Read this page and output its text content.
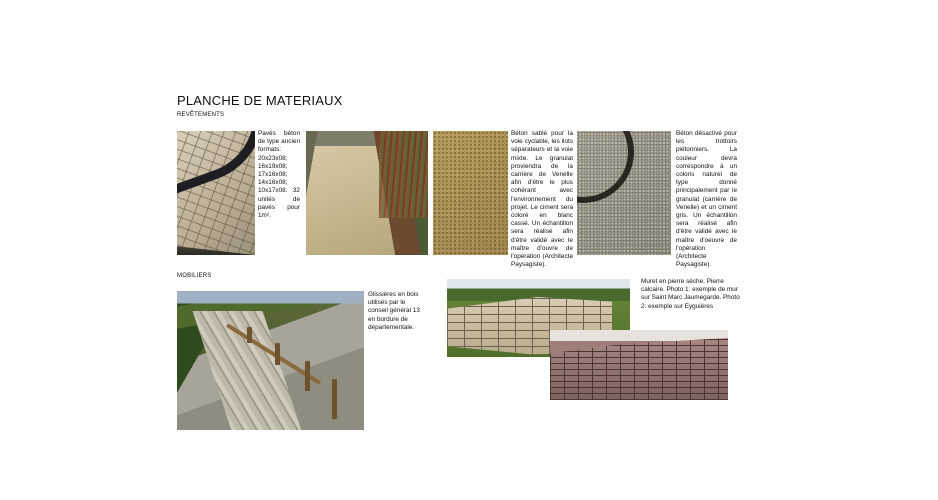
PLANCHE DE MATERIAUX
REVÊTEMENTS
Pavés béton de type ancien formats: 20x23x08; 16x19x08; 17x16x08; 14x16x08; 10x17x08. 32 unités de pavés pour 1m².
Béton sablé pour la voie cyclable, les ilots séparateurs et la voie mixte. Le granulat proviendra de la carrière de Venelle afin d'être le plus cohérant avec l'environnement du projet. Le ciment sera coloré en blanc cassé. Un échantillon sera réalisé afin d'être validé avec le maître d'ouvre de l'opération (Architecte Paysagiste).
Béton désactivé pour les trottoirs piétonniers. La couleur devra correspondre à un coloris naturel de type donné principalement par le granulat (carrière de Venelle) et un ciment gris. Un échantillon sera réalisé afin d'être validé avec le maître d'oeuvre de l'opération (Architecte Paysagiste).
MOBILIERS
Glissières en bois utilisés par le conseil général 13 en bordure de départementale.
Muret en pierre sèche. Pierre calcaire. Photo 1: exemple de mur sur Saint Marc Jaumegarde. Photo 2: exemple sur Eyguières
